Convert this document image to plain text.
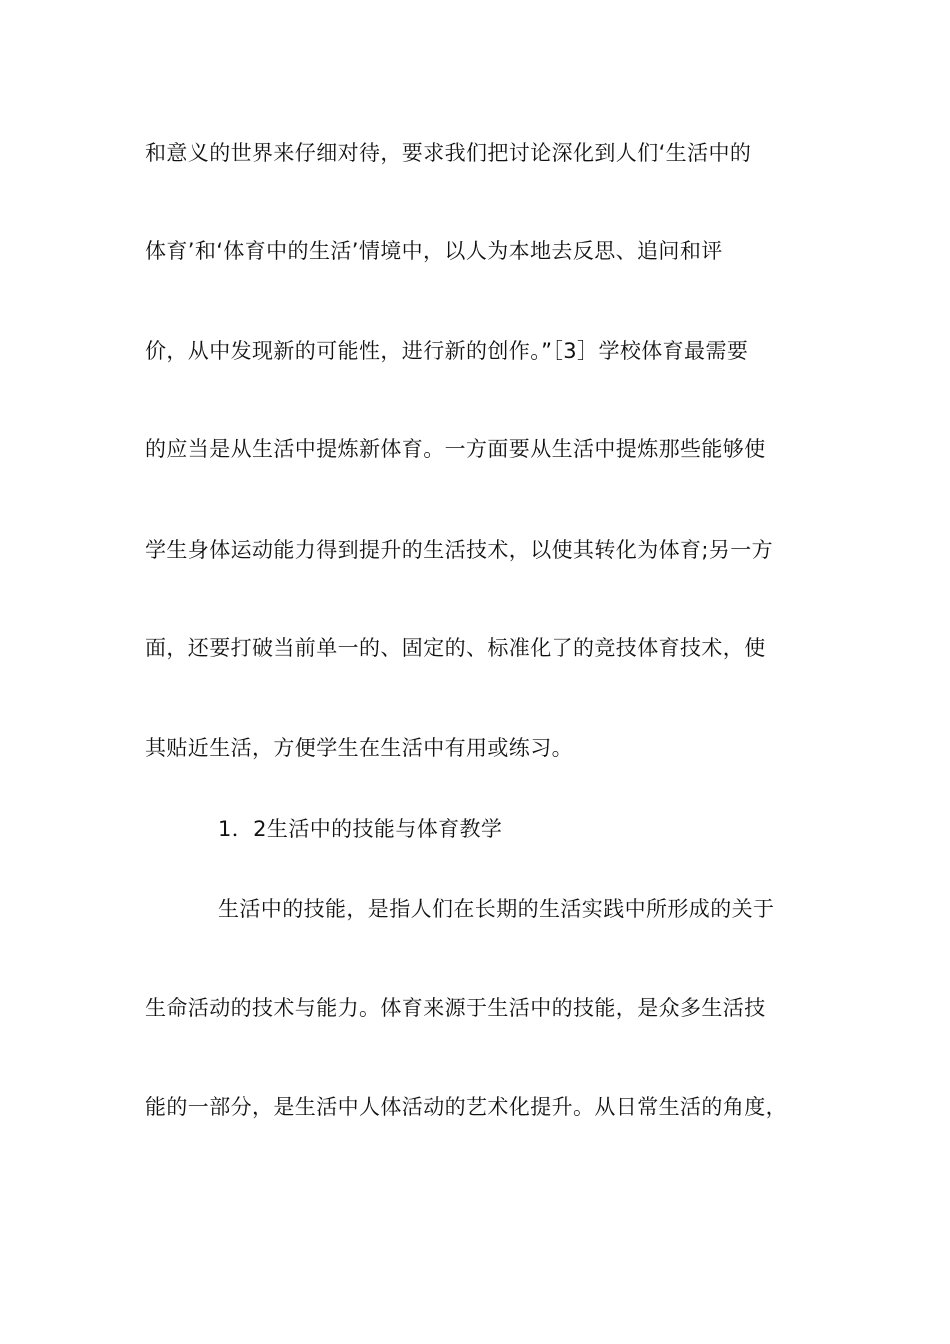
和意义的世界来仔细对待，要求我们把讨论深化到人们‘生活中的
体育’和‘体育中的生活’情境中，以人为本地去反思、追问和评
价，从中发现新的可能性，进行新的创作。”［3］学校体育最需要
的应当是从生活中提炼新体育。一方面要从生活中提炼那些能够使
学生身体运动能力得到提升的生活技术，以使其转化为体育;另一方
面，还要打破当前单一的、固定的、标准化了的竞技体育技术，使
其贴近生活，方便学生在生活中有用或练习。
1．2生活中的技能与体育教学
生活中的技能，是指人们在长期的生活实践中所形成的关于
生命活动的技术与能力。体育来源于生活中的技能，是众多生活技
能的一部分，是生活中人体活动的艺术化提升。从日常生活的角度，
